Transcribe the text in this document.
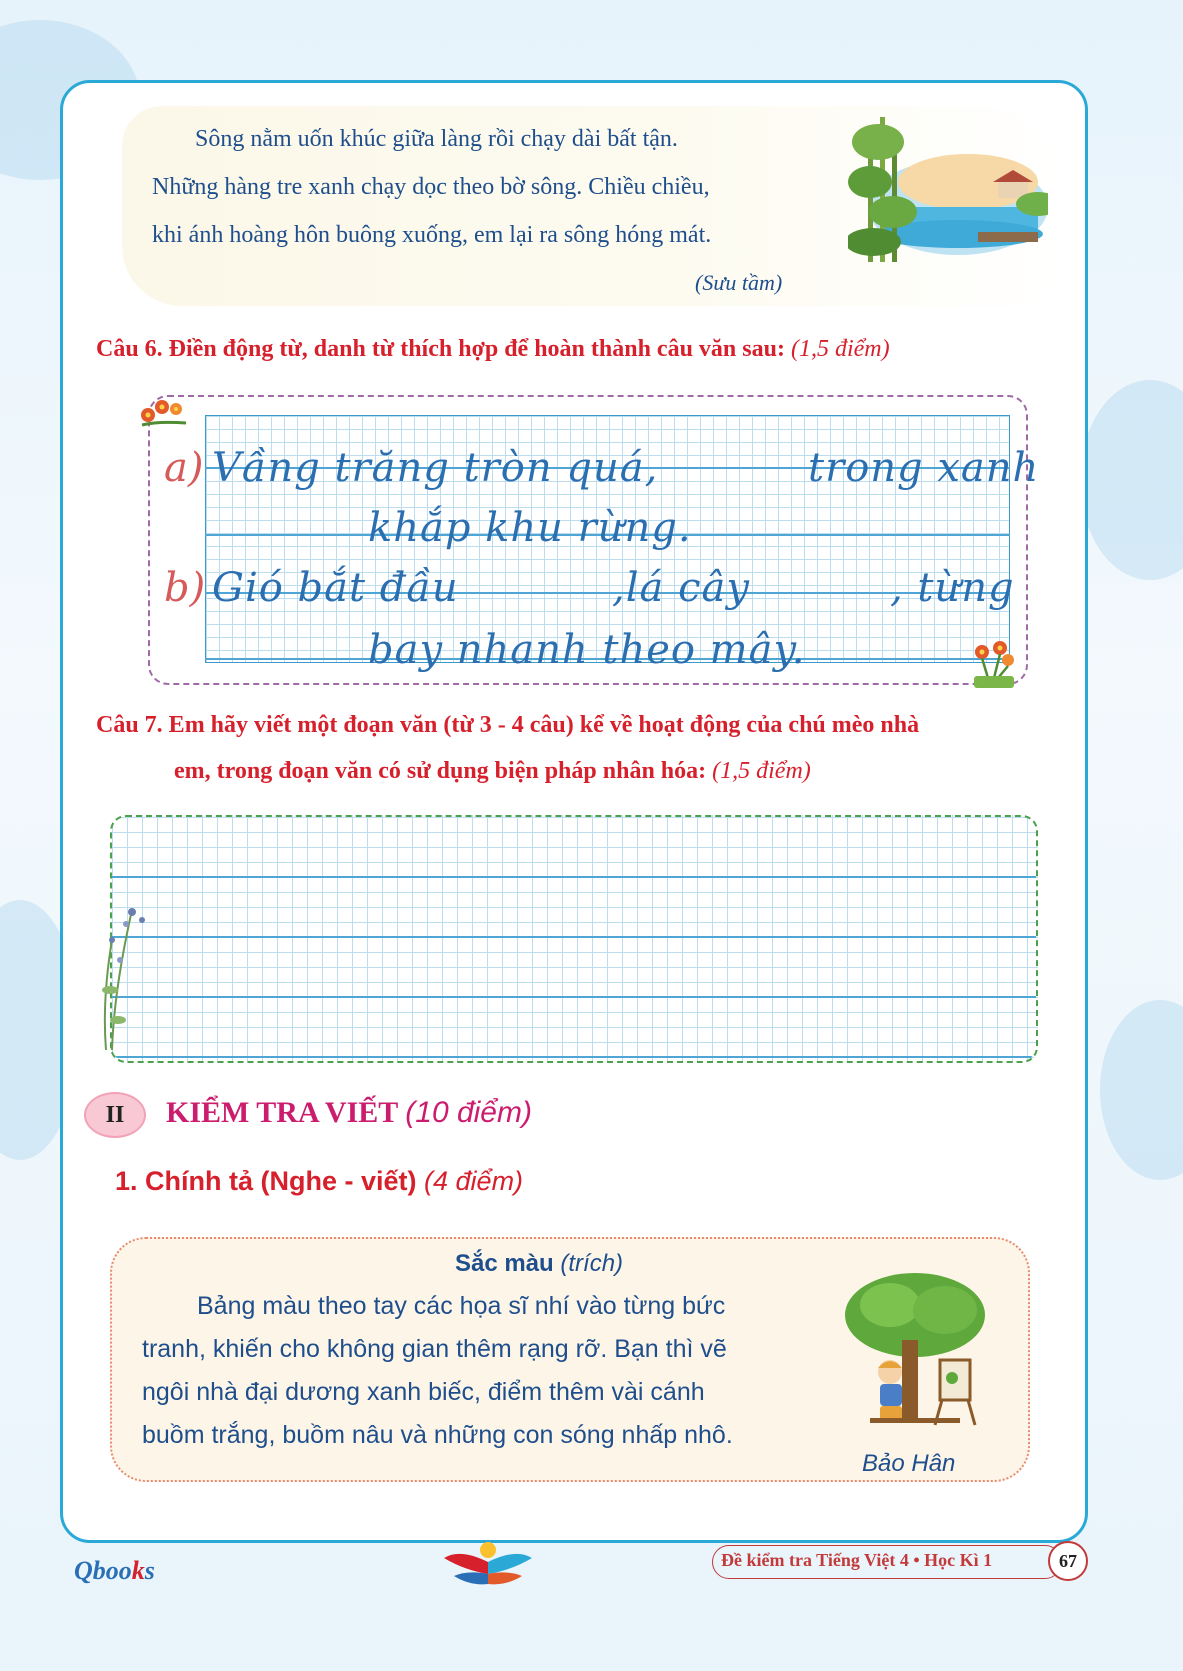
Sông nằm uốn khúc giữa làng rồi chạy dài bất tận.
Những hàng tre xanh chạy dọc theo bờ sông. Chiều chiều,
khi ánh hoàng hôn buông xuống, em lại ra sông hóng mát.
(Sưu tầm)
Câu 6. Điền động từ, danh từ thích hợp để hoàn thành câu văn sau: (1,5 điểm)
a) Vầng trăng tròn quá,	trong xanh
khắp khu rừng.
b) Gió bắt đầu	,lá cây	, từng
bay nhanh theo mây.
Câu 7. Em hãy viết một đoạn văn (từ 3 - 4 câu) kể về hoạt động của chú mèo nhà
em, trong đoạn văn có sử dụng biện pháp nhân hóa: (1,5 điểm)
II KIỂM TRA VIẾT (10 điểm)
1. Chính tả (Nghe - viết) (4 điểm)
Sắc màu (trích)
Bảng màu theo tay các họa sĩ nhí vào từng bức
tranh, khiến cho không gian thêm rạng rỡ. Bạn thì vẽ
ngôi nhà đại dương xanh biếc, điểm thêm vài cánh
buồm trắng, buồm nâu và những con sóng nhấp nhô.
Bảo Hân
Qbooks	Đề kiểm tra Tiếng Việt 4 • Học Kì 1	67
